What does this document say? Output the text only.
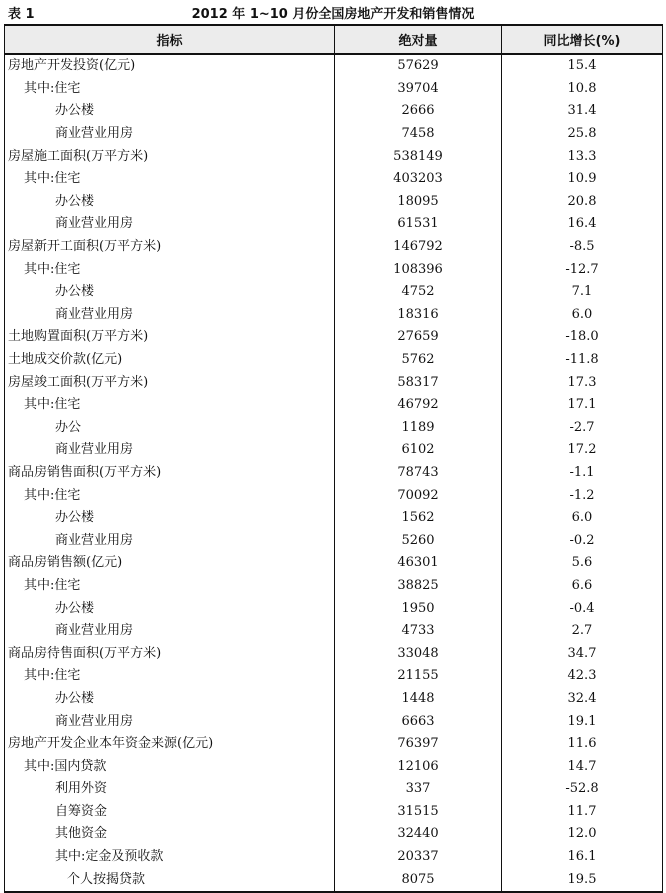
表 1	2012 年 1~10 月份全国房地产开发和销售情况
指标	绝对量	同比增长(%)
房地产开发投资(亿元)	57629	15.4
其中:住宅	39704	10.8
办公楼	2666	31.4
商业营业用房	7458	25.8
房屋施工面积(万平方米)	538149	13.3
其中:住宅	403203	10.9
办公楼	18095	20.8
商业营业用房	61531	16.4
房屋新开工面积(万平方米)	146792	-8.5
其中:住宅	108396	-12.7
办公楼	4752	7.1
商业营业用房	18316	6.0
土地购置面积(万平方米)	27659	-18.0
土地成交价款(亿元)	5762	-11.8
房屋竣工面积(万平方米)	58317	17.3
其中:住宅	46792	17.1
办公	1189	-2.7
商业营业用房	6102	17.2
商品房销售面积(万平方米)	78743	-1.1
其中:住宅	70092	-1.2
办公楼	1562	6.0
商业营业用房	5260	-0.2
商品房销售额(亿元)	46301	5.6
其中:住宅	38825	6.6
办公楼	1950	-0.4
商业营业用房	4733	2.7
商品房待售面积(万平方米)	33048	34.7
其中:住宅	21155	42.3
办公楼	1448	32.4
商业营业用房	6663	19.1
房地产开发企业本年资金来源(亿元)	76397	11.6
其中:国内贷款	12106	14.7
利用外资	337	-52.8
自筹资金	31515	11.7
其他资金	32440	12.0
其中:定金及预收款	20337	16.1
个人按揭贷款	8075	19.5
